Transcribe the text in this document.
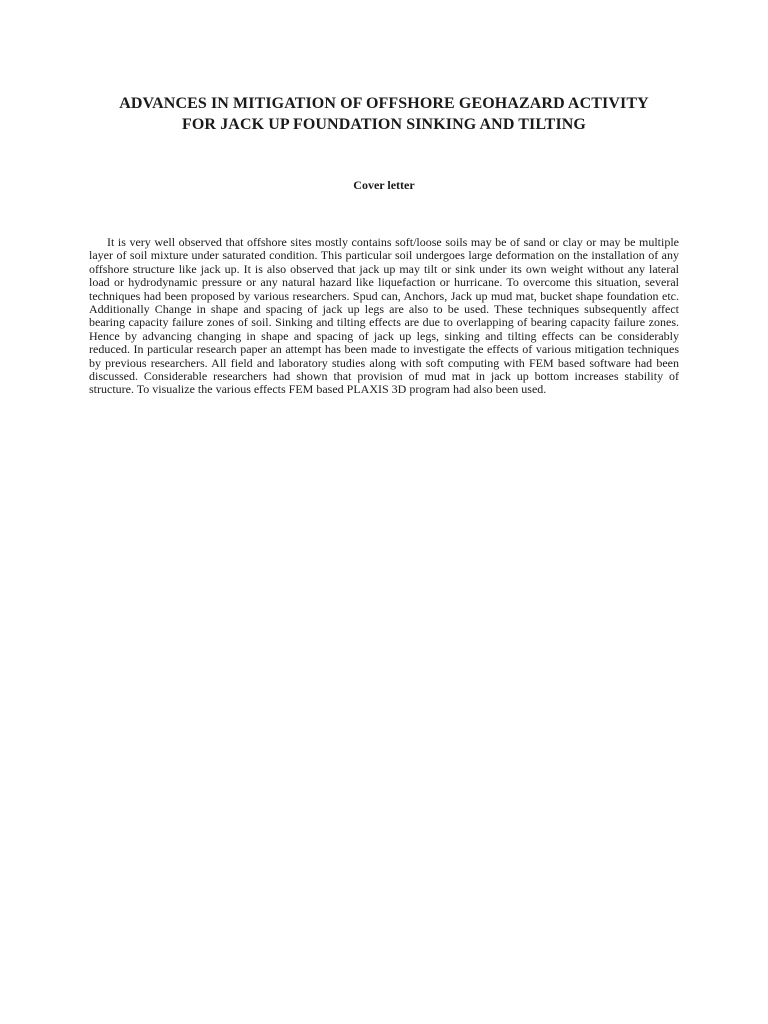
ADVANCES IN MITIGATION OF OFFSHORE GEOHAZARD ACTIVITY
FOR JACK UP FOUNDATION SINKING AND TILTING
Cover letter

It is very well observed that offshore sites mostly contains soft/loose soils may be of sand or clay or may be multiple layer of soil mixture under saturated condition. This particular soil undergoes large deformation on the installation of any offshore structure like jack up. It is also observed that jack up may tilt or sink under its own weight without any lateral load or hydrodynamic pressure or any natural hazard like liquefaction or hurricane. To overcome this situation, several techniques had been proposed by various researchers. Spud can, Anchors, Jack up mud mat, bucket shape foundation etc. Additionally Change in shape and spacing of jack up legs are also to be used. These techniques subsequently affect bearing capacity failure zones of soil. Sinking and tilting effects are due to overlapping of bearing capacity failure zones. Hence by advancing changing in shape and spacing of jack up legs, sinking and tilting effects can be considerably reduced. In particular research paper an attempt has been made to investigate the effects of various mitigation techniques by previous researchers. All field and laboratory studies along with soft computing with FEM based software had been discussed. Considerable researchers had shown that provision of mud mat in jack up bottom increases stability of structure. To visualize the various effects FEM based PLAXIS 3D program had also been used.
